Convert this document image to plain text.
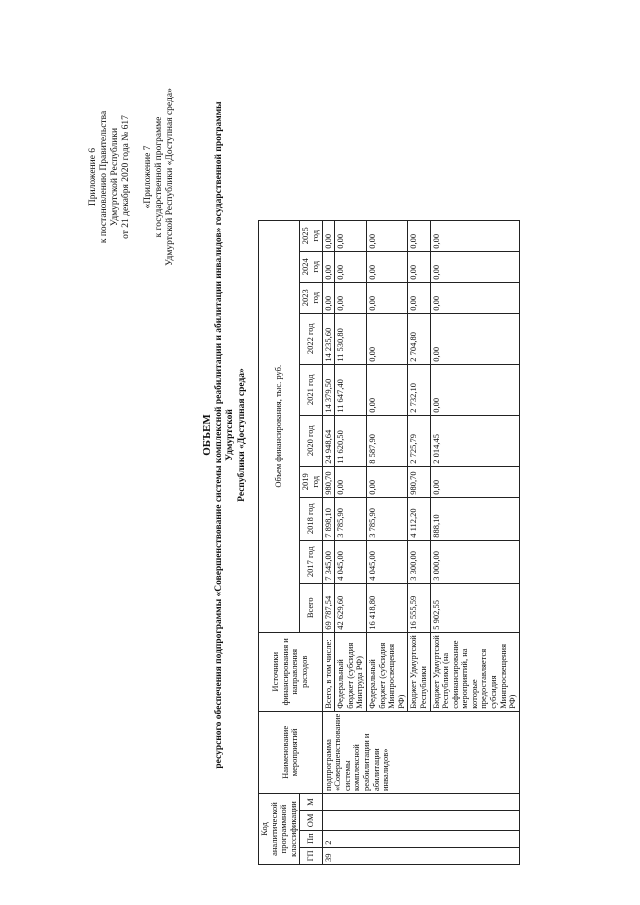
Приложение 6 к постановлению Правительства Удмуртской Республики от 21 декабря 2020 года № 617 «Приложение 7 к государственной программе Удмуртской Республики «Доступная среда»
ОБЪЕМ ресурсного обеспечения подпрограммы «Совершенствование системы комплексной реабилитации и абилитации инвалидов» государственной программы Удмуртской Республики «Доступная среда»
Код аналитической программной классификации				Наименование мероприятий	Источники финансирования и направления расходов	Объем финансирования, тыс. руб.									
ГП	Пп	ОМ	М			Всего	2017 год	2018 год	2019 год	2020 год	2021 год	2022 год	2023 год	2024 год	2025 год
39	2			подпрограмма «Совершенствование системы комплексной реабилитации и абилитации инвалидов»	Всего, в том числе:	69 787,54	7 345,00	7 898,10	980,70	24 948,64	14 379,50	14 235,60	0,00	0,00	0,00
					Федеральный бюджет (субсидия Минтруда РФ)	42 629,60	4 045,00	3 785,90	0,00	11 620,50	11 647,40	11 530,80	0,00	0,00	0,00
					Федеральный бюджет (субсидия Минпросвещения РФ)	16 418,80	4 045,00	3 785,90	0,00	8 587,90	0,00	0,00	0,00	0,00	0,00
					Бюджет Удмуртской Республики	16 555,59	3 300,00	4 112,20	980,70	2 725,79	2 732,10	2 704,80	0,00	0,00	0,00
					Бюджет Удмуртской Республики (на софинансирование мероприятий, на которые предоставляется субсидия Минпросвещения РФ)	5 902,55	3 000,00	888,10	0,00	2 014,45	0,00	0,00	0,00	0,00	0,00
